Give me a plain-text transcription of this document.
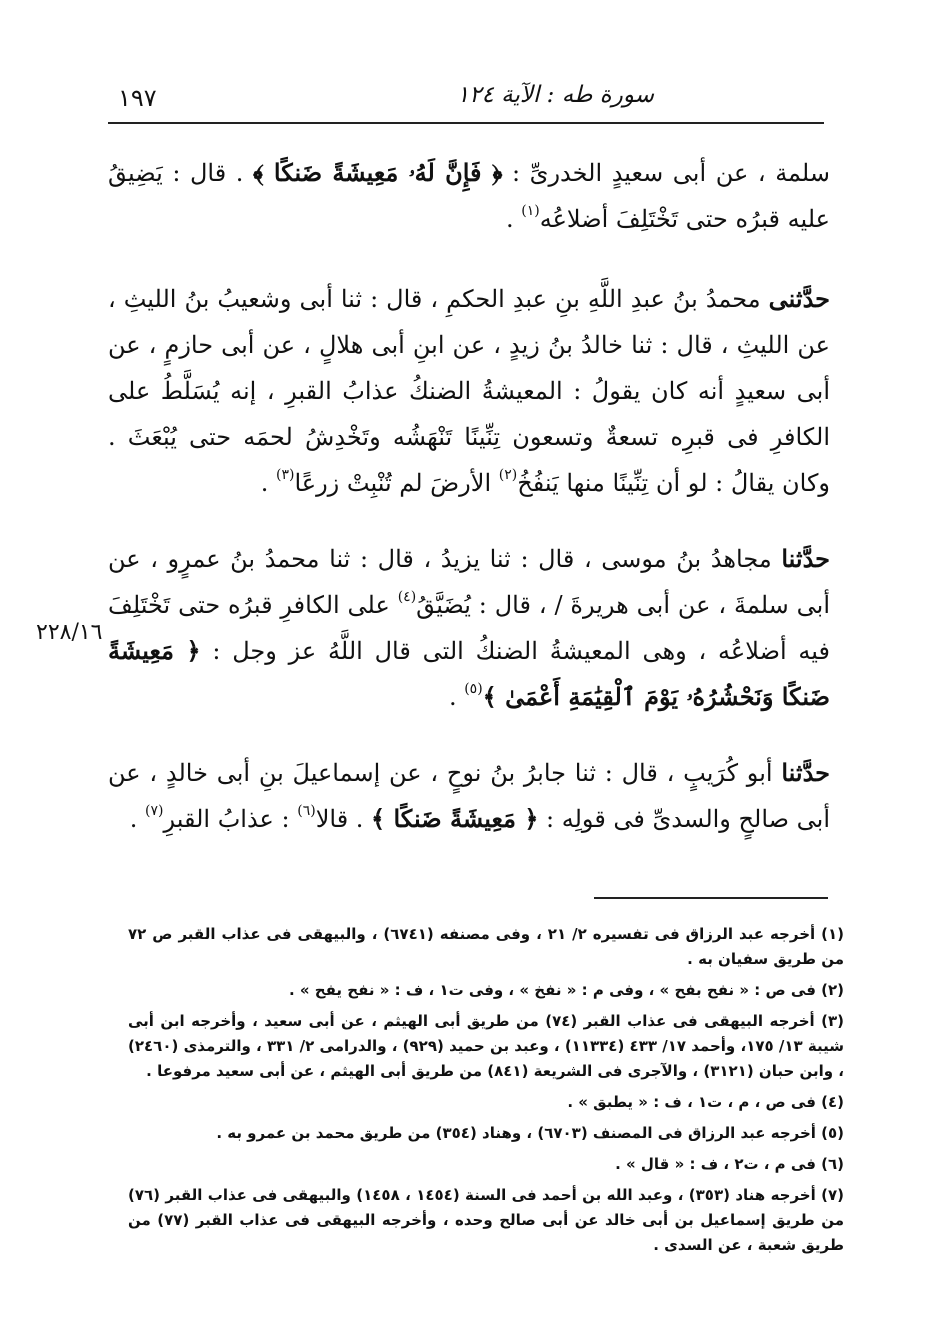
سورة طه : الآية ١٢٤
١٩٧

سلمة ، عن أبى سعيدٍ الخدرىِّ : ﴿ فَإِنَّ لَهُۥ مَعِيشَةً ضَنكًا ﴾ . قال : يَضِيقُ عليه قبرُه حتى تَخْتَلِفَ أضلاعُه$^{(١)}$ .

حدَّثنى محمدُ بنُ عبدِ اللَّهِ بنِ عبدِ الحكمِ ، قال : ثنا أبى وشعيبُ بنُ الليثِ ، عن الليثِ ، قال : ثنا خالدُ بنُ زيدٍ ، عن ابنِ أبى هلالٍ ، عن أبى حازمٍ ، عن أبى سعيدٍ أنه كان يقولُ : المعيشةُ الضنكُ عذابُ القبرِ ، إنه يُسَلَّطُ على الكافرِ فى قبرِه تسعةٌ وتسعون تِنِّينًا تَنْهَشُه وتَخْدِشُ لحمَه حتى يُبْعَثَ . وكان يقالُ : لو أن تِنِّينًا منها يَنفُخُ$^{(٢)}$ الأرضَ لم تُنْبِتْ زرعًا$^{(٣)}$ .

حدَّثنا مجاهدُ بنُ موسى ، قال : ثنا يزيدُ ، قال : ثنا محمدُ بنُ عمرٍو ، عن أبى سلمةَ ، عن أبى هريرةَ / ، قال : يُضَيَّقُ$^{(٤)}$ على الكافرِ قبرُه حتى تَخْتَلِفَ فيه أضلاعُه ، وهى المعيشةُ الضنكُ التى قال اللَّهُ عز وجل : ﴿ مَعِيشَةً ضَنكًا وَنَحْشُرُهُۥ يَوْمَ ٱلْقِيَٰمَةِ أَعْمَىٰ ﴾$^{(٥)}$ .

حدَّثنا أبو كُرَيبٍ ، قال : ثنا جابرُ بنُ نوحٍ ، عن إسماعيلَ بنِ أبى خالدٍ ، عن أبى صالحٍ والسدىِّ فى قولِه : ﴿ مَعِيشَةً ضَنكًا ﴾ . قالا$^{(٦)}$ : عذابُ القبرِ$^{(٧)}$ .

٢٢٨/١٦

(١) أخرجه عبد الرزاق فى تفسيره ٢/ ٢١ ، وفى مصنفه (٦٧٤١) ، والبيهقى فى عذاب القبر ص ٧٢ من طريق سفيان به .

(٢) فى ص : « نفح بفح » ، وفى م : « نفخ » ، وفى ت١ ، ف : « نفح يفح » .

(٣) أخرجه البيهقى فى عذاب القبر (٧٤) من طريق أبى الهيثم ، عن أبى سعيد ، وأخرجه ابن أبى شيبة ١٣/ ١٧٥، وأحمد ١٧/ ٤٣٣ (١١٣٣٤) ، وعبد بن حميد (٩٢٩) ، والدرامى ٢/ ٣٣١ ، والترمذى (٢٤٦٠) ، وابن حبان (٣١٢١) ، والآجرى فى الشريعة (٨٤١) من طريق أبى الهيثم ، عن أبى سعيد مرفوعا .

(٤) فى ص ، م ، ت١ ، ف : « يطبق » .

(٥) أخرجه عبد الرزاق فى المصنف (٦٧٠٣) ، وهناد (٣٥٤) من طريق محمد بن عمرو به .

(٦) فى م ، ت٢ ، ف : « قال » .

(٧) أخرجه هناد (٣٥٣) ، وعبد الله بن أحمد فى السنة (١٤٥٤ ، ١٤٥٨) والبيهقى فى عذاب القبر (٧٦) من طريق إسماعيل بن أبى خالد عن أبى صالح وحده ، وأخرجه البيهقى فى عذاب القبر (٧٧) من طريق شعبة ، عن السدى .
